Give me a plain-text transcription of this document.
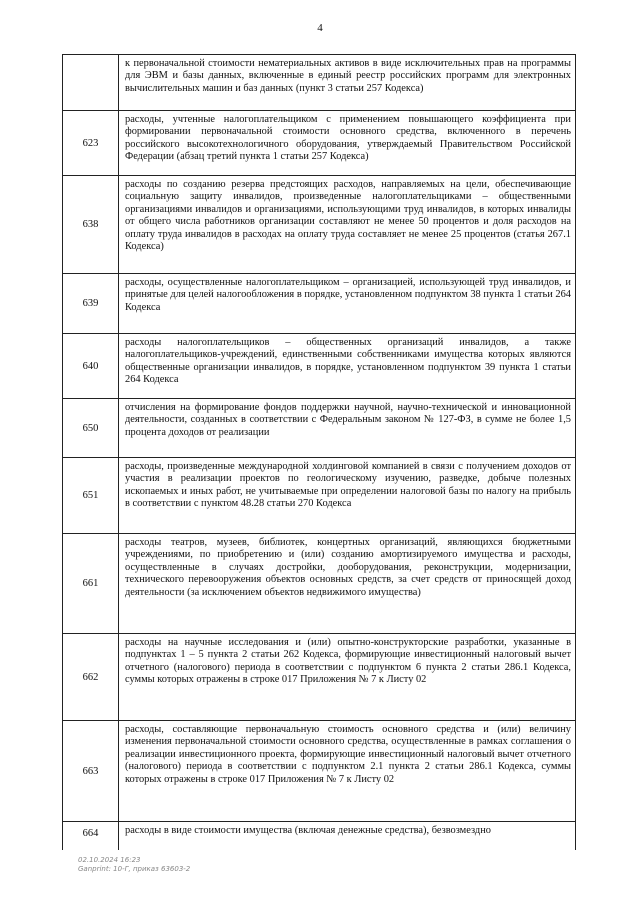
4
к первоначальной стоимости нематериальных активов в виде исключительных прав на программы для ЭВМ и базы данных, включенные в единый реестр российских программ для электронных вычислительных машин и баз данных (пункт 3 статьи 257 Кодекса)
623
расходы, учтенные налогоплательщиком с применением повышающего коэффициента при формировании первоначальной стоимости основного средства, включенного в перечень российского высокотехнологичного оборудования, утверждаемый Правительством Российской Федерации (абзац третий пункта 1 статьи 257 Кодекса)
638
расходы по созданию резерва предстоящих расходов, направляемых на цели, обеспечивающие социальную защиту инвалидов, произведенные налогоплательщиками – общественными организациями инвалидов и организациями, использующими труд инвалидов, в которых инвалиды от общего числа работников организации составляют не менее 50 процентов и доля расходов на оплату труда инвалидов в расходах на оплату труда составляет не менее 25 процентов (статья 267.1 Кодекса)
639
расходы, осуществленные налогоплательщиком – организацией, использующей труд инвалидов, и принятые для целей налогообложения в порядке, установленном подпунктом 38 пункта 1 статьи 264 Кодекса
640
расходы налогоплательщиков – общественных организаций инвалидов, а также налогоплательщиков-учреждений, единственными собственниками имущества которых являются общественные организации инвалидов, в порядке, установленном подпунктом 39 пункта 1 статьи 264 Кодекса
650
отчисления на формирование фондов поддержки научной, научно-технической и инновационной деятельности, созданных в соответствии с Федеральным законом № 127-ФЗ, в сумме не более 1,5 процента доходов от реализации
651
расходы, произведенные международной холдинговой компанией в связи с получением доходов от участия в реализации проектов по геологическому изучению, разведке, добыче полезных ископаемых и иных работ, не учитываемые при определении налоговой базы по налогу на прибыль в соответствии с пунктом 48.28 статьи 270 Кодекса
661
расходы театров, музеев, библиотек, концертных организаций, являющихся бюджетными учреждениями, по приобретению и (или) созданию амортизируемого имущества и расходы, осуществленные в случаях достройки, дооборудования, реконструкции, модернизации, технического перевооружения объектов основных средств, за счет средств от приносящей доход деятельности (за исключением объектов недвижимого имущества)
662
расходы на научные исследования и (или) опытно-конструкторские разработки, указанные в подпунктах 1 – 5 пункта 2 статьи 262 Кодекса, формирующие инвестиционный налоговый вычет отчетного (налогового) периода в соответствии с подпунктом 6 пункта 2 статьи 286.1 Кодекса, суммы которых отражены в строке 017 Приложения № 7 к Листу 02
663
расходы, составляющие первоначальную стоимость основного средства и (или) величину изменения первоначальной стоимости основного средства, осуществленные в рамках соглашения о реализации инвестиционного проекта, формирующие инвестиционный налоговый вычет отчетного (налогового) периода в соответствии с подпунктом 2.1 пункта 2 статьи 286.1 Кодекса, суммы которых отражены в строке 017 Приложения № 7 к Листу 02
664	расходы в виде стоимости имущества (включая денежные средства), безвозмездно
02.10.2024 16:23
Ganprint: 10-Г, приказ 63603-2
